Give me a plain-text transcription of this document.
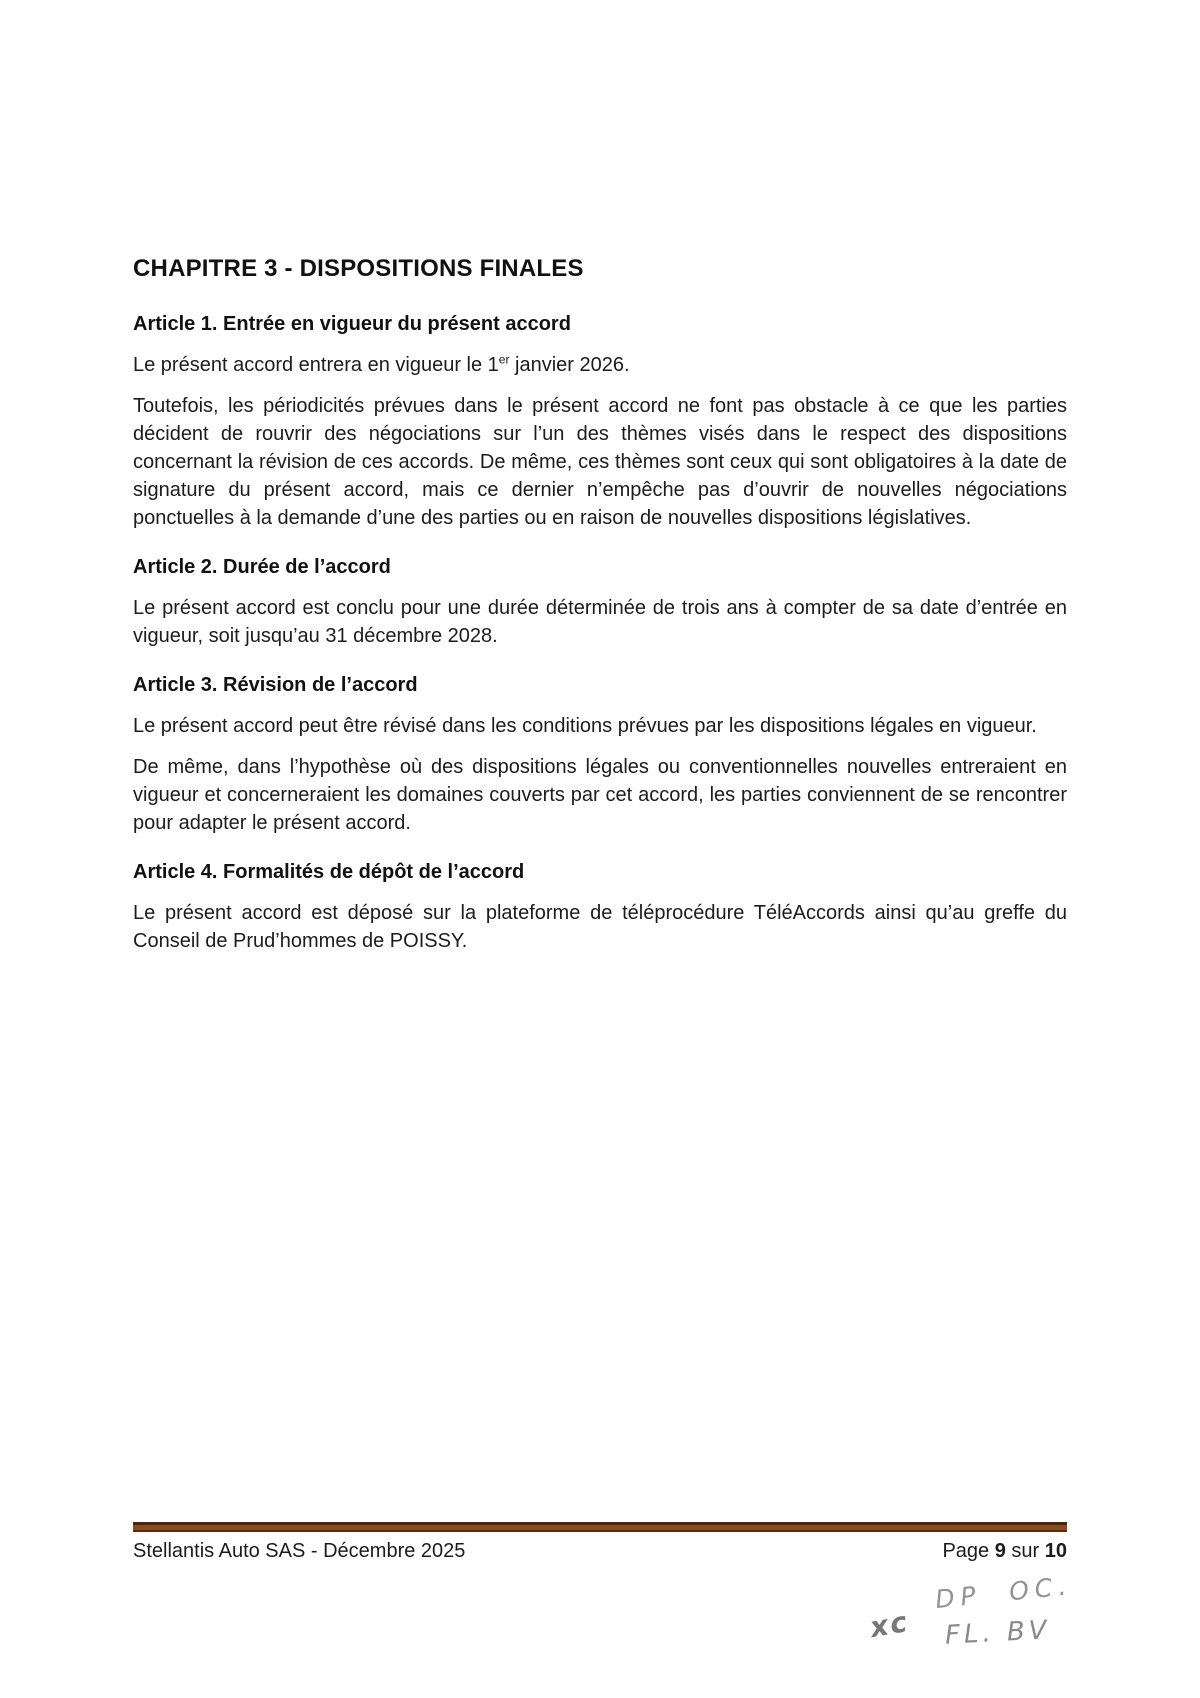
CHAPITRE 3 - DISPOSITIONS FINALES
Article 1. Entrée en vigueur du présent accord

Le présent accord entrera en vigueur le 1er janvier 2026.

Toutefois, les périodicités prévues dans le présent accord ne font pas obstacle à ce que les parties décident de rouvrir des négociations sur l’un des thèmes visés dans le respect des dispositions concernant la révision de ces accords. De même, ces thèmes sont ceux qui sont obligatoires à la date de signature du présent accord, mais ce dernier n’empêche pas d’ouvrir de nouvelles négociations ponctuelles à la demande d’une des parties ou en raison de nouvelles dispositions législatives.

Article 2. Durée de l’accord

Le présent accord est conclu pour une durée déterminée de trois ans à compter de sa date d’entrée en vigueur, soit jusqu’au 31 décembre 2028.

Article 3. Révision de l’accord

Le présent accord peut être révisé dans les conditions prévues par les dispositions légales en vigueur.

De même, dans l’hypothèse où des dispositions légales ou conventionnelles nouvelles entreraient en vigueur et concerneraient les domaines couverts par cet accord, les parties conviennent de se rencontrer pour adapter le présent accord.

Article 4. Formalités de dépôt de l’accord

Le présent accord est déposé sur la plateforme de téléprocédure TéléAccords ainsi qu’au greffe du Conseil de Prud’hommes de POISSY.

Stellantis Auto SAS - Décembre 2025	Page 9 sur 10
xc
DP  OC.
FL. BV
